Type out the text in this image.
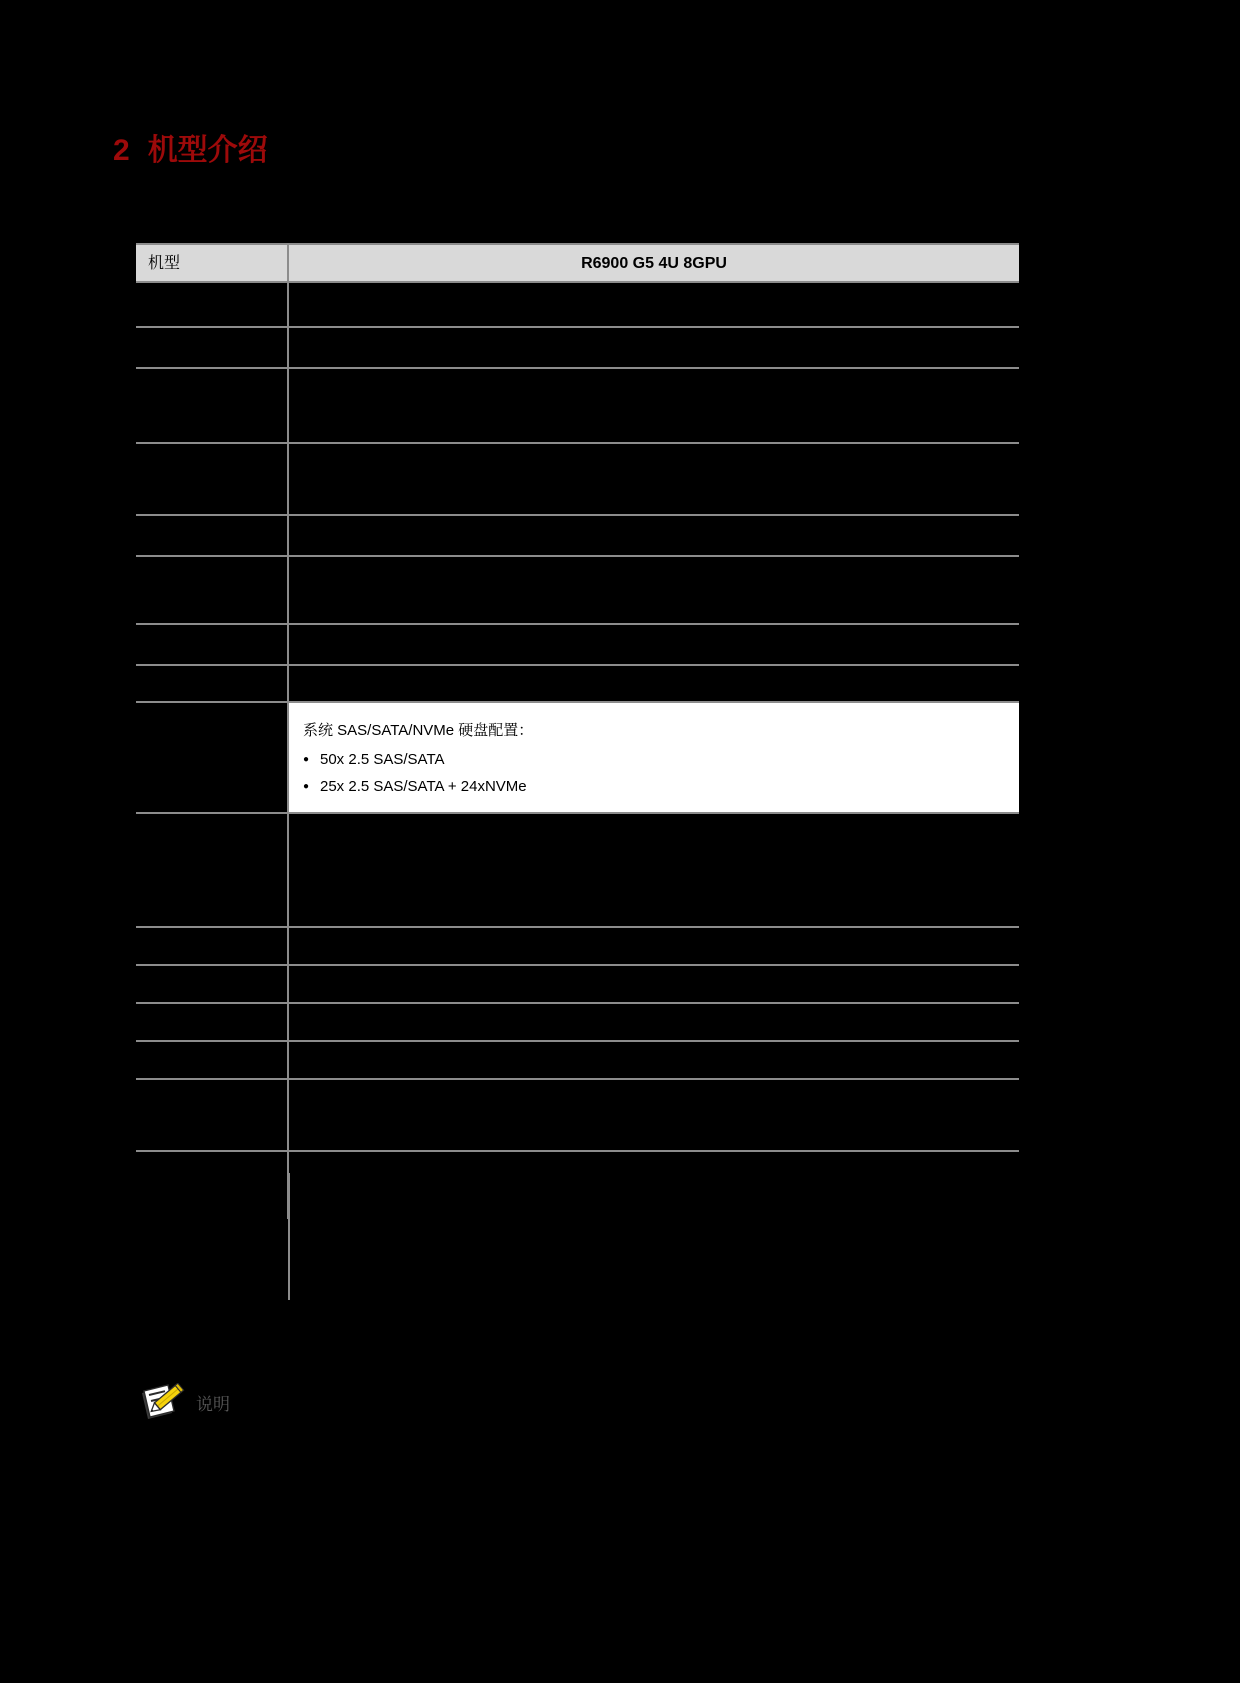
2 机型介绍
机型	R6900 G5 4U 8GPU

系统 SAS/SATA/NVMe 硬盘配置：

● 50x 2.5 SAS/SATA
● 25x 2.5 SAS/SATA + 24xNVMe

说明
